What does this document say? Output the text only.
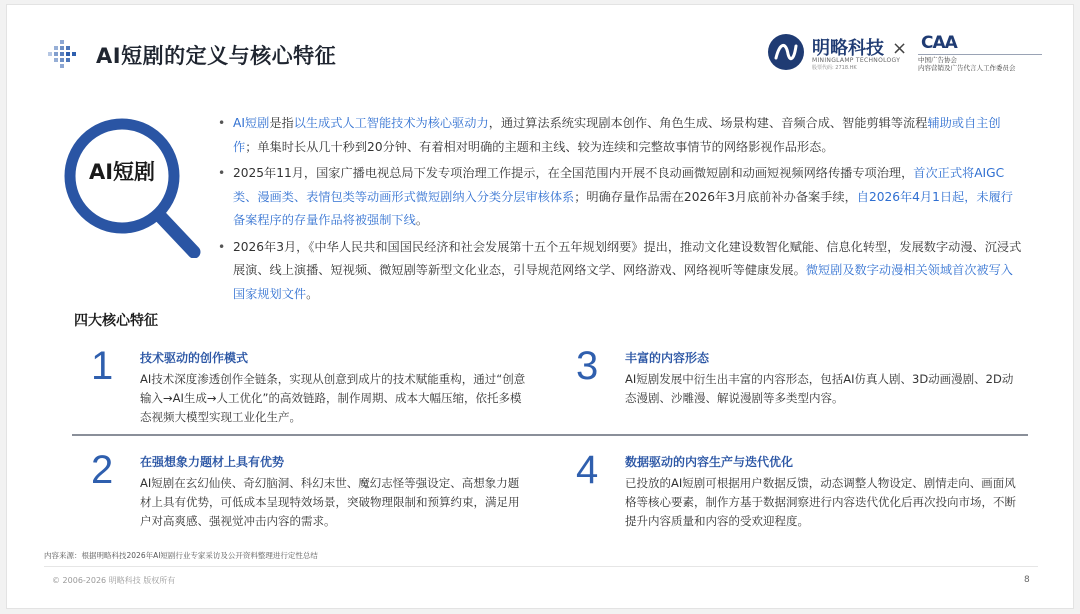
AI短剧的定义与核心特征	明略科技
MININGLAMP TECHNOLOGY
股票代码: 2718.HK
× CAA
中国广告协会
内容营销及广告代言人工作委员会
AI短剧
• AI短剧是指以生成式人工智能技术为核心驱动力，通过算法系统实现剧本创作、角色生成、场景构建、音频合成、智能剪辑等流程辅助或自主创作；单集时长从几十秒到20分钟、有着相对明确的主题和主线、较为连续和完整故事情节的网络影视作品形态。
• 2025年11月，国家广播电视总局下发专项治理工作提示，在全国范围内开展不良动画微短剧和动画短视频网络传播专项治理，首次正式将AIGC类、漫画类、表情包类等动画形式微短剧纳入分类分层审核体系；明确存量作品需在2026年3月底前补办备案手续，自2026年4月1日起，未履行备案程序的存量作品将被强制下线。
• 2026年3月，《中华人民共和国国民经济和社会发展第十五个五年规划纲要》提出，推动文化建设数智化赋能、信息化转型，发展数字动漫、沉浸式展演、线上演播、短视频、微短剧等新型文化业态，引导规范网络文学、网络游戏、网络视听等健康发展。微短剧及数字动漫相关领域首次被写入国家规划文件。
四大核心特征
1 技术驱动的创作模式
AI技术深度渗透创作全链条，实现从创意到成片的技术赋能重构，通过“创意输入→AI生成→人工优化”的高效链路，制作周期、成本大幅压缩，依托多模态视频大模型实现工业化生产。
3 丰富的内容形态
AI短剧发展中衍生出丰富的内容形态，包括AI仿真人剧、3D动画漫剧、2D动态漫剧、沙雕漫、解说漫剧等多类型内容。
2 在强想象力题材上具有优势
AI短剧在玄幻仙侠、奇幻脑洞、科幻末世、魔幻志怪等强设定、高想象力题材上具有优势，可低成本呈现特效场景，突破物理限制和预算约束，满足用户对高爽感、强视觉冲击内容的需求。
4 数据驱动的内容生产与迭代优化
已投放的AI短剧可根据用户数据反馈，动态调整人物设定、剧情走向、画面风格等核心要素，制作方基于数据洞察进行内容迭代优化后再次投向市场，不断提升内容质量和内容的受欢迎程度。
内容来源：根据明略科技2026年AI短剧行业专家采访及公开资料整理进行定性总结
© 2006-2026 明略科技 版权所有	8
